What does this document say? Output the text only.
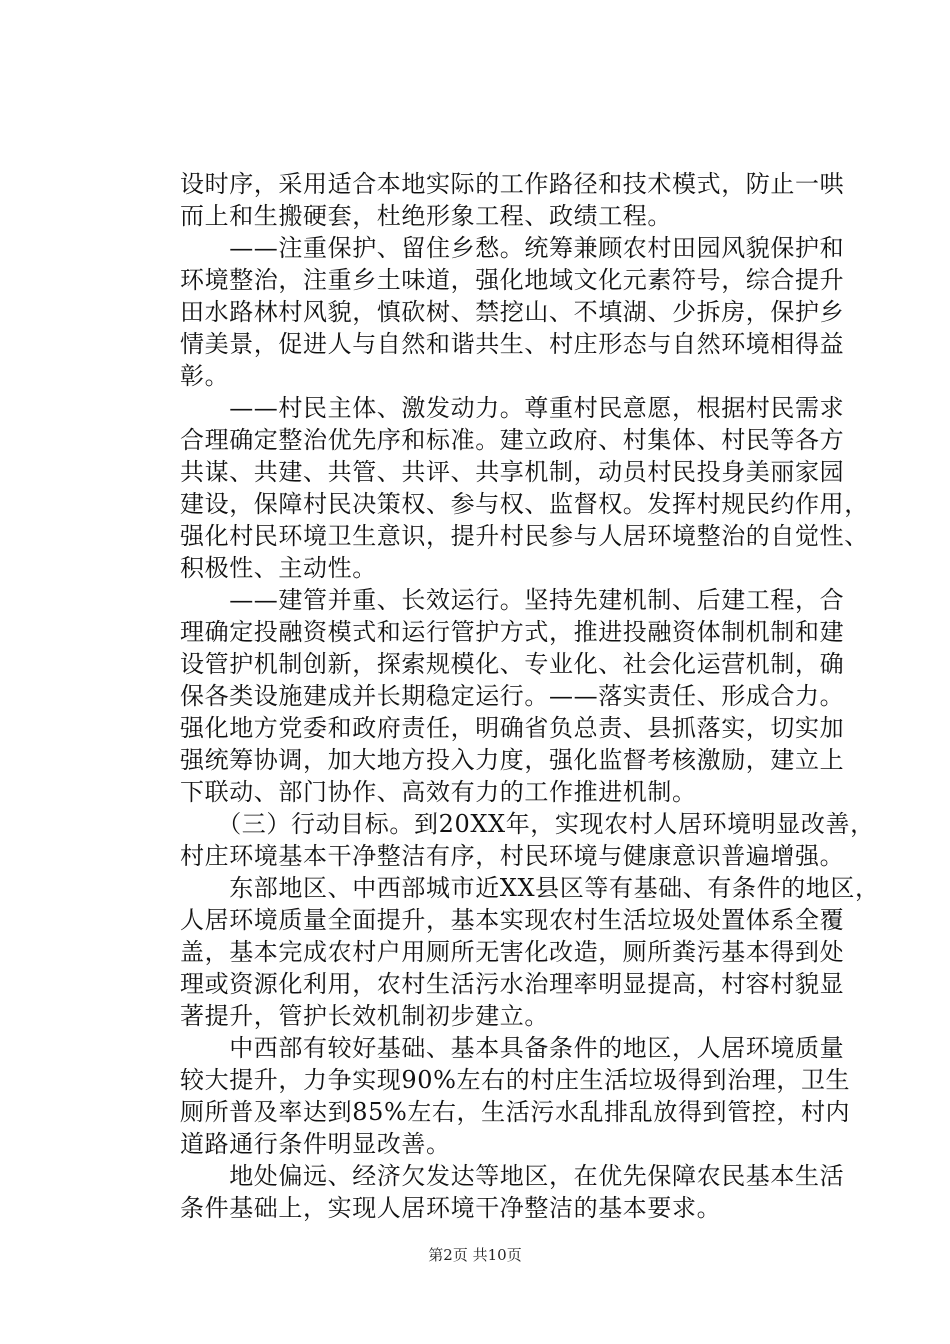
设时序，采用适合本地实际的工作路径和技术模式，防止一哄
而上和生搬硬套，杜绝形象工程、政绩工程。
　　——注重保护、留住乡愁。统筹兼顾农村田园风貌保护和
环境整治，注重乡土味道，强化地域文化元素符号，综合提升
田水路林村风貌，慎砍树、禁挖山、不填湖、少拆房，保护乡
情美景，促进人与自然和谐共生、村庄形态与自然环境相得益
彰。
　　——村民主体、激发动力。尊重村民意愿，根据村民需求
合理确定整治优先序和标准。建立政府、村集体、村民等各方
共谋、共建、共管、共评、共享机制，动员村民投身美丽家园
建设，保障村民决策权、参与权、监督权。发挥村规民约作用，
强化村民环境卫生意识，提升村民参与人居环境整治的自觉性、
积极性、主动性。
　　——建管并重、长效运行。坚持先建机制、后建工程，合
理确定投融资模式和运行管护方式，推进投融资体制机制和建
设管护机制创新，探索规模化、专业化、社会化运营机制，确
保各类设施建成并长期稳定运行。——落实责任、形成合力。
强化地方党委和政府责任，明确省负总责、县抓落实，切实加
强统筹协调，加大地方投入力度，强化监督考核激励，建立上
下联动、部门协作、高效有力的工作推进机制。
　　（三）行动目标。到20XX年，实现农村人居环境明显改善，
村庄环境基本干净整洁有序，村民环境与健康意识普遍增强。
　　东部地区、中西部城市近XX县区等有基础、有条件的地区，
人居环境质量全面提升，基本实现农村生活垃圾处置体系全覆
盖，基本完成农村户用厕所无害化改造，厕所粪污基本得到处
理或资源化利用，农村生活污水治理率明显提高，村容村貌显
著提升，管护长效机制初步建立。
　　中西部有较好基础、基本具备条件的地区，人居环境质量
较大提升，力争实现90%左右的村庄生活垃圾得到治理，卫生
厕所普及率达到85%左右，生活污水乱排乱放得到管控，村内
道路通行条件明显改善。
　　地处偏远、经济欠发达等地区，在优先保障农民基本生活
条件基础上，实现人居环境干净整洁的基本要求。
第2页 共10页
